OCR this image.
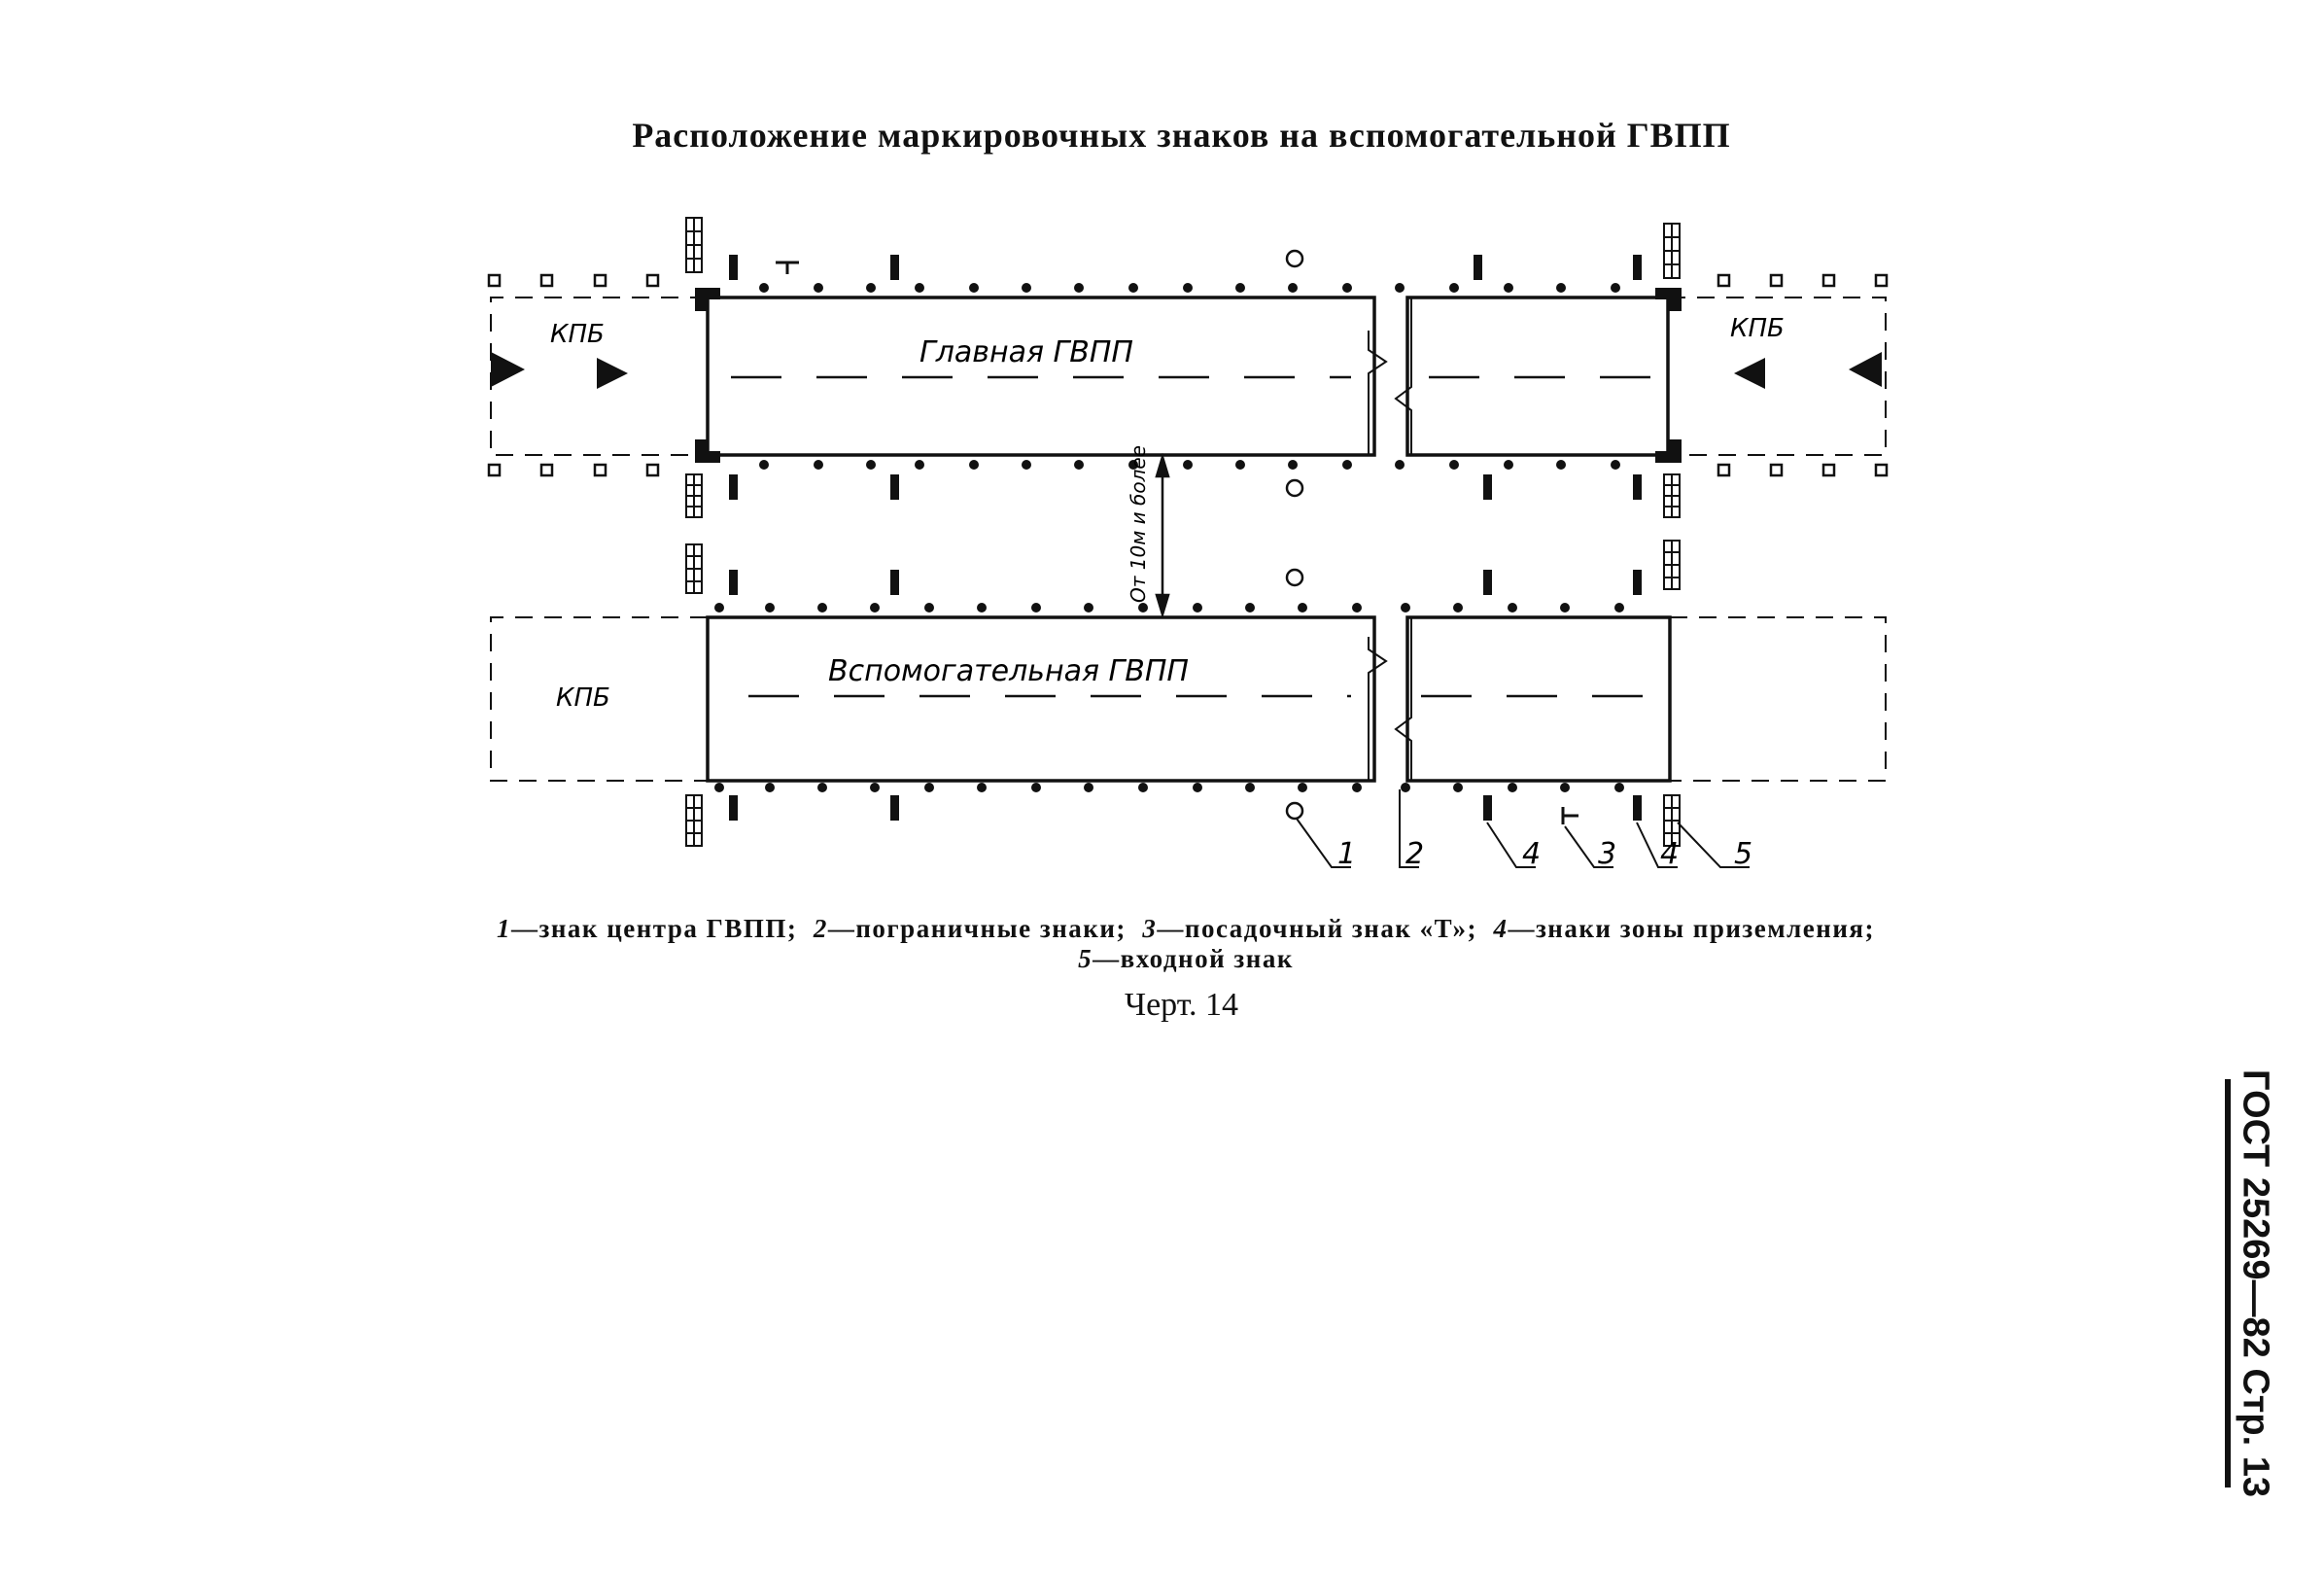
Расположение маркировочных знаков на вспомогательной ГВПП
КПБ	КПБ
КПБ
Главная ГВПП
Вспомогательная ГВПП
От 10м и более
1 2	4 3 4 5
1—знак центра ГВПП; 2—пограничные знаки; 3—посадочный знак «Т»; 4—знаки зоны приземления; 5—входной знак
Черт. 14
ГОСТ 25269—82 Стр. 13
